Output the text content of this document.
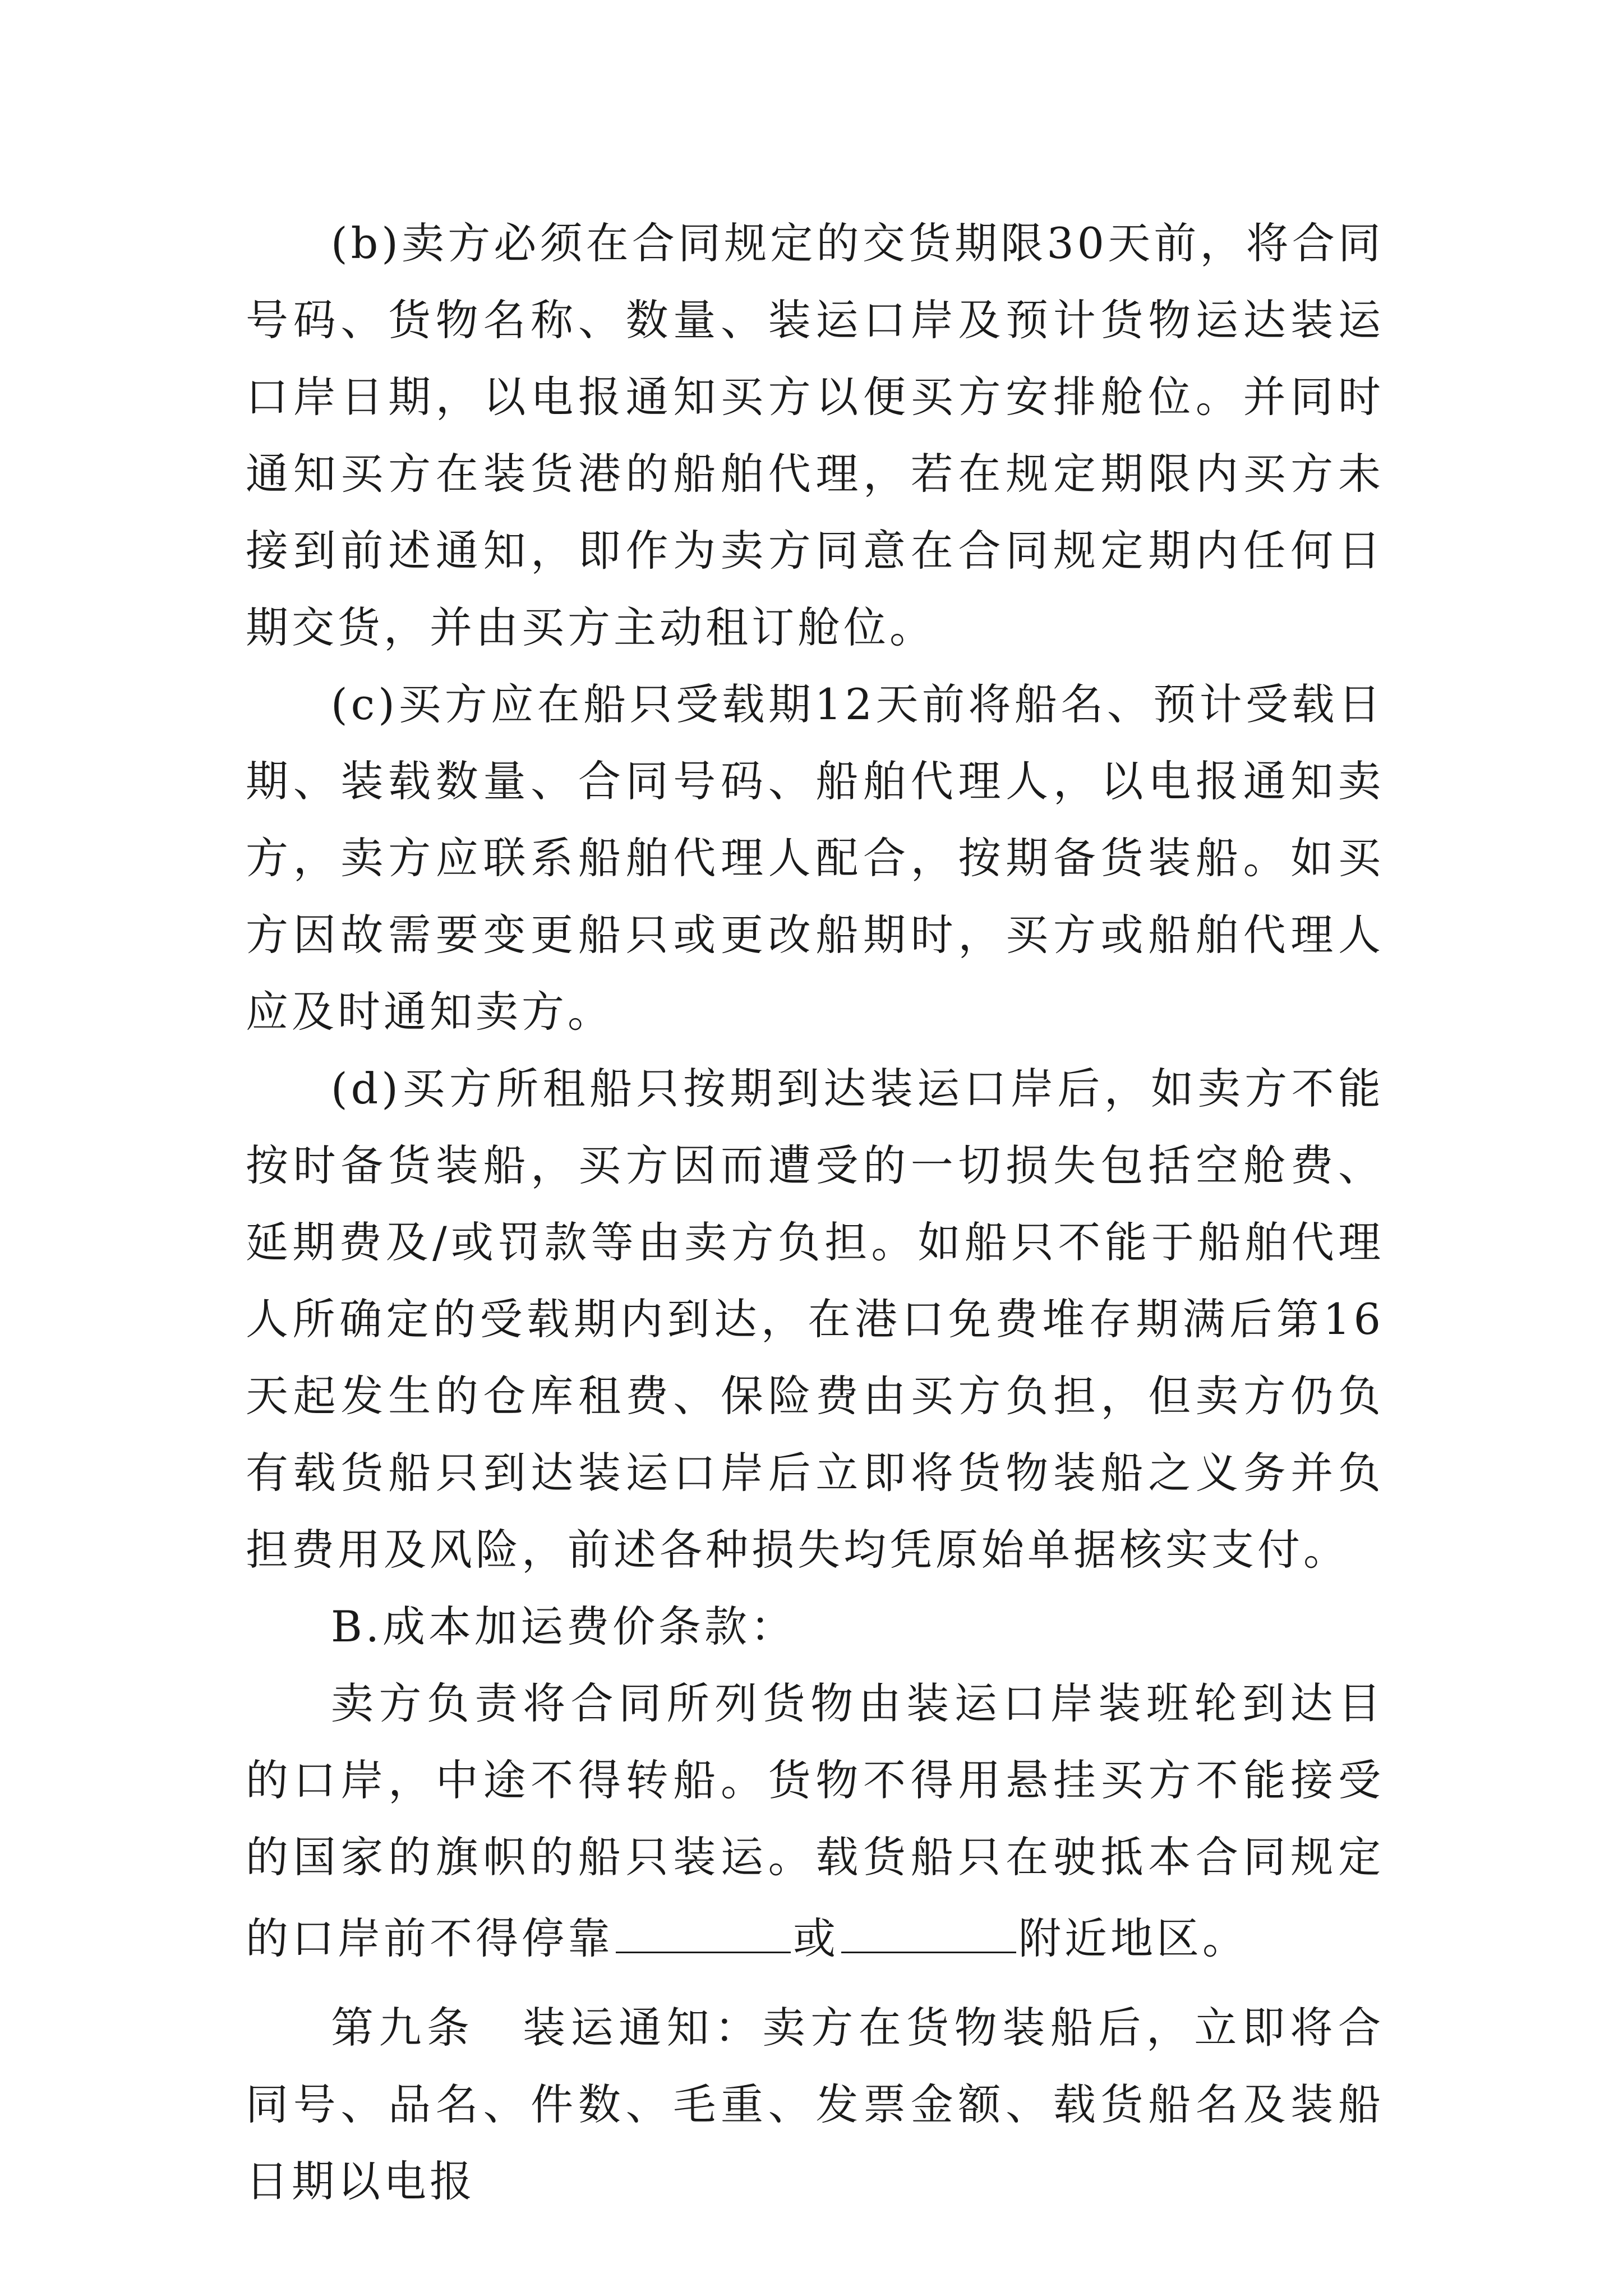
(b)卖方必须在合同规定的交货期限30天前，将合同号码、货物名称、数量、装运口岸及预计货物运达装运口岸日期，以电报通知买方以便买方安排舱位。并同时通知买方在装货港的船舶代理，若在规定期限内买方未接到前述通知，即作为卖方同意在合同规定期内任何日期交货，并由买方主动租订舱位。

(c)买方应在船只受载期12天前将船名、预计受载日期、装载数量、合同号码、船舶代理人，以电报通知卖方，卖方应联系船舶代理人配合，按期备货装船。如买方因故需要变更船只或更改船期时，买方或船舶代理人应及时通知卖方。

(d)买方所租船只按期到达装运口岸后，如卖方不能按时备货装船，买方因而遭受的一切损失包括空舱费、延期费及/或罚款等由卖方负担。如船只不能于船舶代理人所确定的受载期内到达，在港口免费堆存期满后第16天起发生的仓库租费、保险费由买方负担，但卖方仍负有载货船只到达装运口岸后立即将货物装船之义务并负担费用及风险，前述各种损失均凭原始单据核实支付。

B.成本加运费价条款：

卖方负责将合同所列货物由装运口岸装班轮到达目的口岸，中途不得转船。货物不得用悬挂买方不能接受的国家的旗帜的船只装运。载货船只在驶抵本合同规定的口岸前不得停靠	或	附近地区。

第九条　装运通知：卖方在货物装船后，立即将合同号、品名、件数、毛重、发票金额、载货船名及装船日期以电报
